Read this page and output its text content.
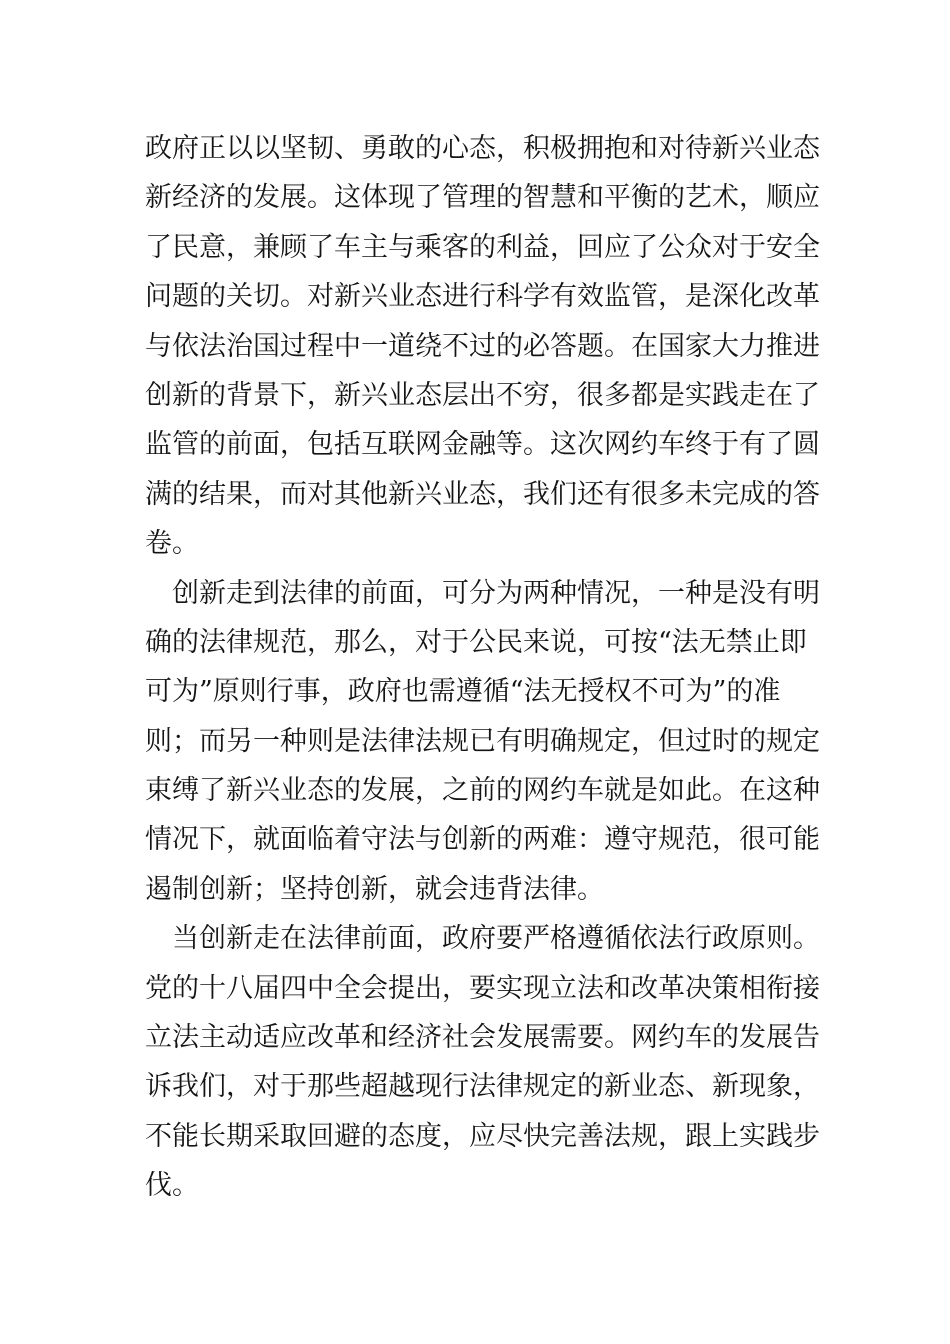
政府正以以坚韧、勇敢的心态，积极拥抱和对待新兴业态
新经济的发展。这体现了管理的智慧和平衡的艺术，顺应
了民意，兼顾了车主与乘客的利益，回应了公众对于安全
问题的关切。对新兴业态进行科学有效监管，是深化改革
与依法治国过程中一道绕不过的必答题。在国家大力推进
创新的背景下，新兴业态层出不穷，很多都是实践走在了
监管的前面，包括互联网金融等。这次网约车终于有了圆
满的结果，而对其他新兴业态，我们还有很多未完成的答
卷。
　创新走到法律的前面，可分为两种情况，一种是没有明
确的法律规范，那么，对于公民来说，可按“法无禁止即
可为”原则行事，政府也需遵循“法无授权不可为”的准
则；而另一种则是法律法规已有明确规定，但过时的规定
束缚了新兴业态的发展，之前的网约车就是如此。在这种
情况下，就面临着守法与创新的两难：遵守规范，很可能
遏制创新；坚持创新，就会违背法律。
　当创新走在法律前面，政府要严格遵循依法行政原则。
党的十八届四中全会提出，要实现立法和改革决策相衔接
立法主动适应改革和经济社会发展需要。网约车的发展告
诉我们，对于那些超越现行法律规定的新业态、新现象，
不能长期采取回避的态度，应尽快完善法规，跟上实践步
伐。
